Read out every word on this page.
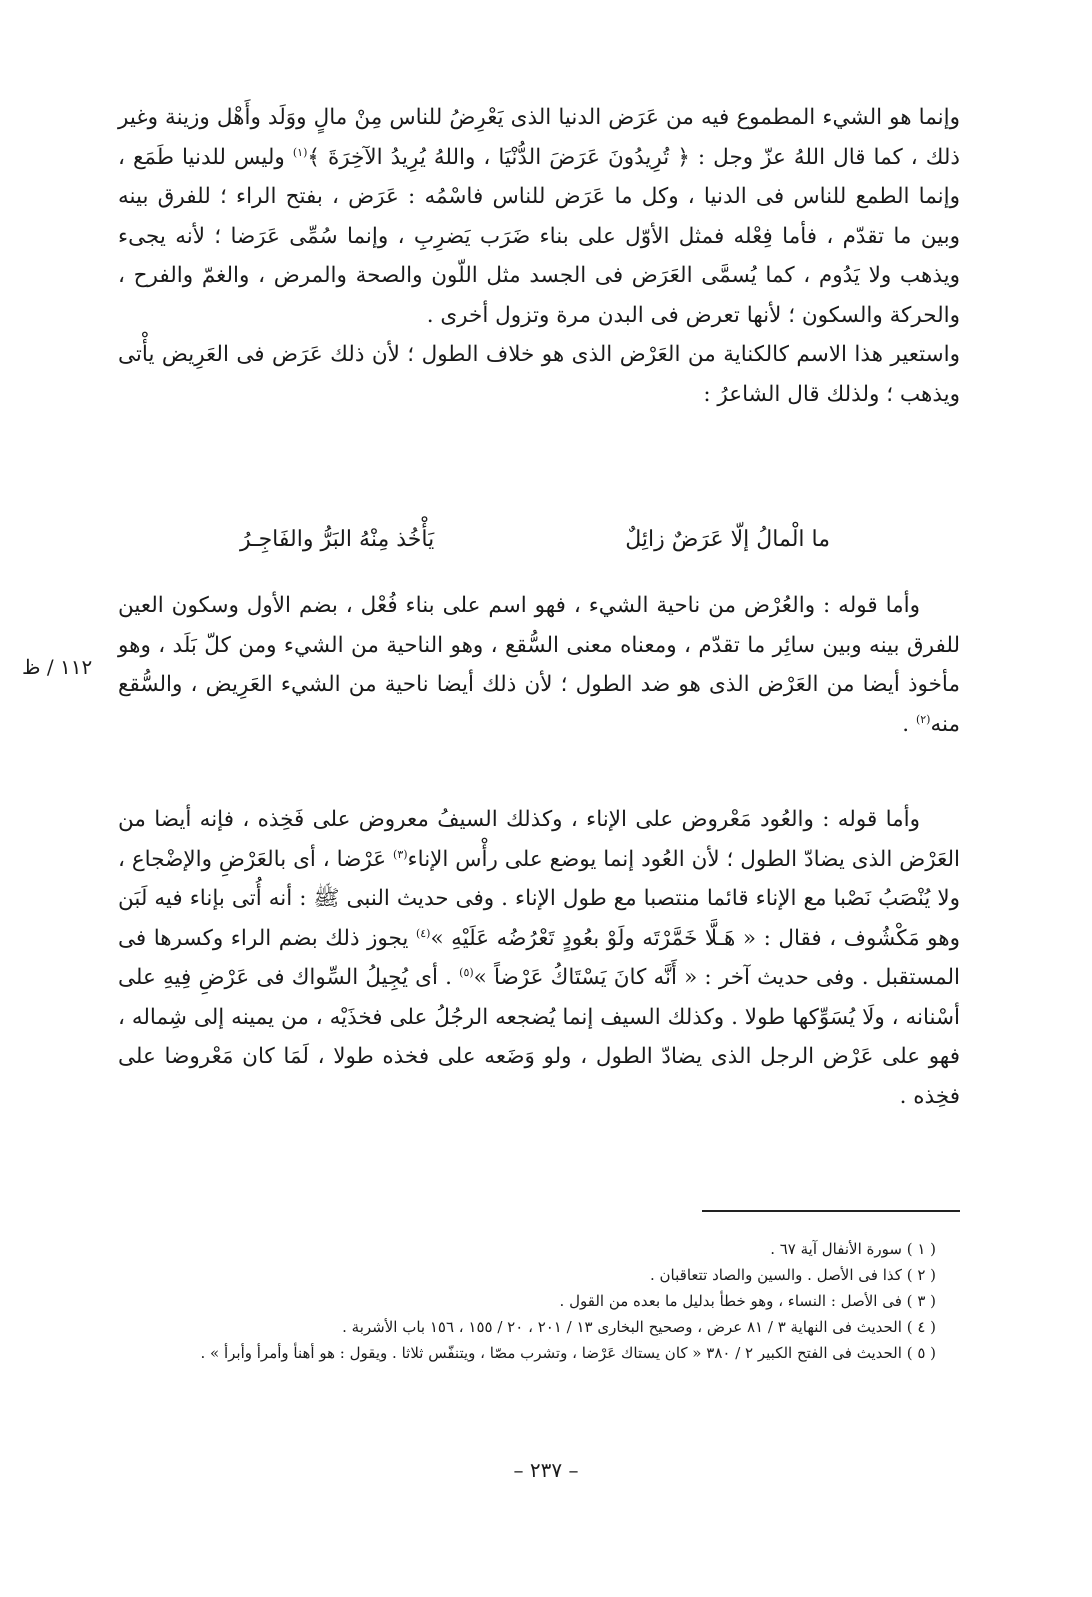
وإنما هو الشيء المطموع فيه من عَرَض الدنيا الذى يَعْرِضُ للناس مِنْ مالٍ ووَلَد وأَهْل وزينة وغير ذلك ، كما قال اللهُ عزّ وجل : ﴿ تُرِيدُونَ عَرَضَ الدُّنْيَا ، واللهُ يُرِيدُ الآخِرَةَ ﴾$^{(١)}$ وليس للدنيا طَمَع ، وإنما الطمع للناس فى الدنيا ، وكل ما عَرَض للناس فاسْمُه : عَرَض ، بفتح الراء ؛ للفرق بينه وبين ما تقدّم ، فأما فِعْله فمثل الأوّل على بناء ضَرَب يَضرِبِ ، وإنما سُمِّى عَرَضا ؛ لأنه يجىء ويذهب ولا يَدُوم ، كما يُسمَّى العَرَض فى الجسد مثل اللّون والصحة والمرض ، والغمّ والفرح ، والحركة والسكون ؛ لأنها تعرض فى البدن مرة وتزول أخرى .

واستعير هذا الاسم كالكناية من العَرْض الذى هو خلاف الطول ؛ لأن ذلك عَرَض فى العَرِيض يأْتى ويذهب ؛ ولذلك قال الشاعرُ :

ما الْمالُ إلّا عَرَضٌ زائِلٌ
يَأْخُذ مِنْهُ البَرُّ والفَاجِـرُ

وأما قوله : والعُرْض من ناحية الشيء ، فهو اسم على بناء فُعْل ، بضم الأول وسكون العين للفرق بينه وبين سائِر ما تقدّم ، ومعناه معنى السُّقع ، وهو الناحية من الشيء ومن كلّ بَلَد ، وهو مأخوذ أيضا من العَرْض الذى هو ضد الطول ؛ لأن ذلك أيضا ناحية من الشيء العَرِيض ، والسُّقع منه$^{(٢)}$ .

١١٢ / ظ

وأما قوله : والعُود مَعْروض على الإناء ، وكذلك السيفُ معروض على فَخِذه ، فإنه أيضا من العَرْض الذى يضادّ الطول ؛ لأن العُود إنما يوضع على رأْس الإناء$^{(٣)}$ عَرْضا ، أى بالعَرْضِ والإضْجاع ، ولا يُنْصَبُ نَصْبا مع الإناء قائما منتصبا مع طول الإناء . وفى حديث النبى ﷺ : أنه أُتى بإناء فيه لَبَن وهو مَكْشُوف ، فقال : « هَـلَّا خَمَّرْتَه ولَوْ بعُودٍ تَعْرُضُه عَلَيْهِ »$^{(٤)}$ يجوز ذلك بضم الراء وكسرها فى المستقبل . وفى حديث آخر : « أَنَّه كانَ يَسْتَاكُ عَرْضاً »$^{(٥)}$ . أى يُجِيلُ السِّواك فى عَرْضِ فِيهِ على أسْنانه ، ولَا يُسَوِّكها طولا . وكذلك السيف إنما يُضجعه الرجُلُ على فخذَيْه ، من يمينه إلى شِماله ، فهو على عَرْض الرجل الذى يضادّ الطول ، ولو وَضَعه على فخذه طولا ، لَمَا كان مَعْروضا على فخِذه .

( ١ ) سورة الأنفال آية ٦٧ .
( ٢ ) كذا فى الأصل . والسين والصاد تتعاقبان .
( ٣ ) فى الأصل : النساء ، وهو خطأ بدليل ما بعده من القول .
( ٤ ) الحديث فى النهاية ٣ / ٨١ عرض ، وصحيح البخارى ١٣ / ٢٠١ ، ٢٠ / ١٥٥ ، ١٥٦ باب الأشربة .
( ٥ ) الحديث فى الفتح الكبير ٢ / ٣٨٠ « كان يستاك عَرْضا ، وتشرب مصّا ، ويتنفّس ثلاثا . ويقول : هو أهنأ وأمرأ وأبرأ » .
– ٢٣٧ –
